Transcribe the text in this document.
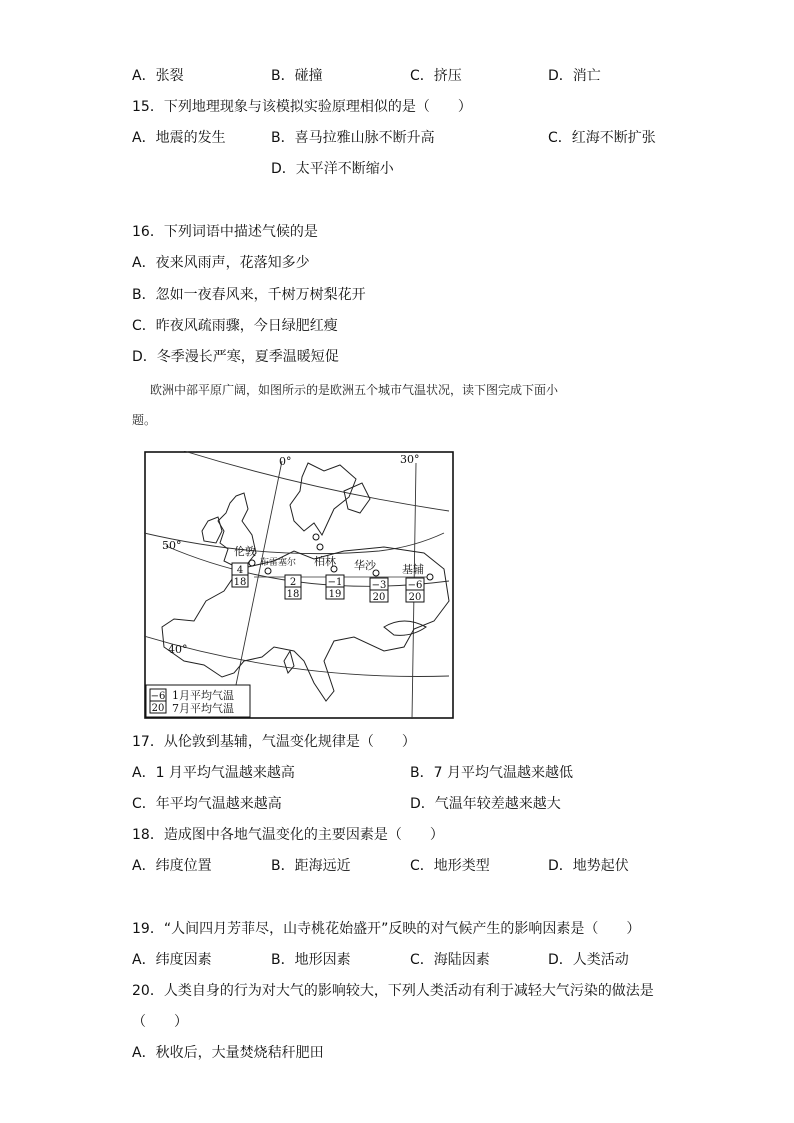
A．张裂	B．碰撞	C．挤压	D．消亡
15．下列地理现象与该模拟实验原理相似的是（　　）
A．地震的发生	B．喜马拉雅山脉不断升高	C．红海不断扩张
D．太平洋不断缩小
16．下列词语中描述气候的是
A．夜来风雨声，花落知多少
B．忽如一夜春风来，千树万树梨花开
C．昨夜风疏雨骤，今日绿肥红瘦
D．冬季漫长严寒，夏季温暖短促
欧洲中部平原广阔，如图所示的是欧洲五个城市气温状况，读下图完成下面小
题。
0°	30°
50°
40°
伦敦
4
18
布雷塞尔
2
18
柏林
−1
19
华沙
−3
20
基辅
−6
20
−6
20
1月平均气温
7月平均气温
17．从伦敦到基辅，气温变化规律是（　　）
A．1 月平均气温越来越高	B．7 月平均气温越来越低
C．年平均气温越来越高	D．气温年较差越来越大
18．造成图中各地气温变化的主要因素是（　　）
A．纬度位置	B．距海远近	C．地形类型	D．地势起伏
19．“人间四月芳菲尽，山寺桃花始盛开”反映的对气候产生的影响因素是（　　）
A．纬度因素	B．地形因素	C．海陆因素	D．人类活动
20．人类自身的行为对大气的影响较大，下列人类活动有利于减轻大气污染的做法是
（　　）
A．秋收后，大量焚烧秸秆肥田
